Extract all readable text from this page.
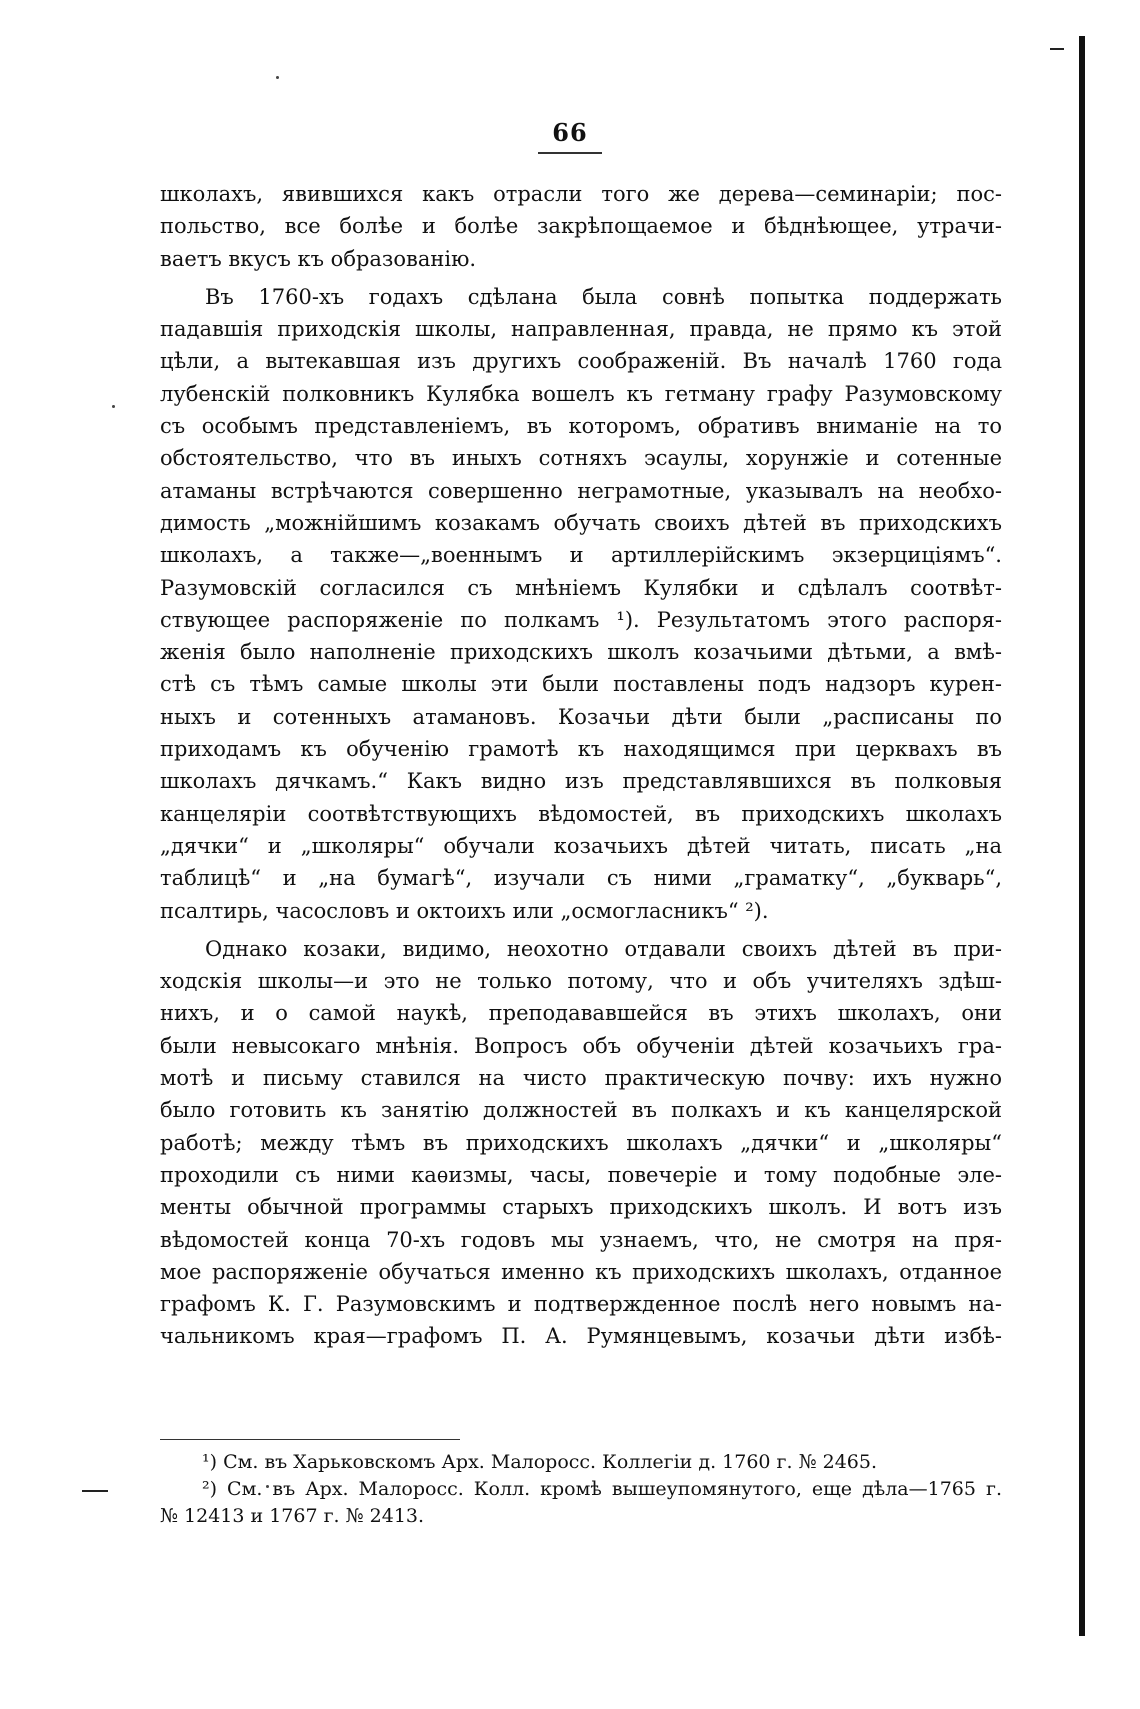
66
школахъ, явившихся какъ отрасли того же дерева—семинаріи; пос-
польство, все болѣе и болѣе закрѣпощаемое и бѣднѣющее, утрачи-
ваетъ вкусъ къ образованію.
Въ 1760-хъ годахъ сдѣлана была совнѣ попытка поддержать
падавшія приходскія школы, направленная, правда, не прямо къ этой
цѣли, а вытекавшая изъ другихъ соображеній. Въ началѣ 1760 года
лубенскій полковникъ Кулябка вошелъ къ гетману графу Разумовскому
съ особымъ представленіемъ, въ которомъ, обративъ вниманіе на то
обстоятельство, что въ иныхъ сотняхъ эсаулы, хорунжіе и сотенные
атаманы встрѣчаются совершенно неграмотные, указывалъ на необхо-
димость „можнійшимъ козакамъ обучать своихъ дѣтей въ приходскихъ
школахъ, а также—„военнымъ и артиллерійскимъ экзерциціямъ“.
Разумовскій согласился съ мнѣніемъ Кулябки и сдѣлалъ соотвѣт-
ствующее распоряженіе по полкамъ ¹). Результатомъ этого распоря-
женія было наполненіе приходскихъ школъ козачьими дѣтьми, а вмѣ-
стѣ съ тѣмъ самые школы эти были поставлены подъ надзоръ курен-
ныхъ и сотенныхъ атамановъ. Козачьи дѣти были „расписаны по
приходамъ къ обученію грамотѣ къ находящимся при церквахъ въ
школахъ дячкамъ.“ Какъ видно изъ представлявшихся въ полковыя
канцеляріи соотвѣтствующихъ вѣдомостей, въ приходскихъ школахъ
„дячки“ и „школяры“ обучали козачьихъ дѣтей читать, писать „на
таблицѣ“ и „на бумагѣ“, изучали съ ними „граматку“, „букварь“,
псалтирь, часословъ и октоихъ или „осмогласникъ“ ²).
Однако козаки, видимо, неохотно отдавали своихъ дѣтей въ при-
ходскія школы—и это не только потому, что и объ учителяхъ здѣш-
нихъ, и о самой наукѣ, преподававшейся въ этихъ школахъ, они
были невысокаго мнѣнія. Вопросъ объ обученіи дѣтей козачьихъ гра-
мотѣ и письму ставился на чисто практическую почву: ихъ нужно
было готовить къ занятію должностей въ полкахъ и къ канцелярской
работѣ; между тѣмъ въ приходскихъ школахъ „дячки“ и „школяры“
проходили съ ними каѳизмы, часы, повечеріе и тому подобные эле-
менты обычной программы старыхъ приходскихъ школъ. И вотъ изъ
вѣдомостей конца 70-хъ годовъ мы узнаемъ, что, не смотря на пря-
мое распоряженіе обучаться именно къ приходскихъ школахъ, отданное
графомъ К. Г. Разумовскимъ и подтвержденное послѣ него новымъ на-
чальникомъ края—графомъ П. А. Румянцевымъ, козачьи дѣти избѣ-
¹) См. въ Харьковскомъ Арх. Малоросс. Коллегіи д. 1760 г. № 2465.
²) См. въ Арх. Малоросс. Колл. кромѣ вышеупомянутого, еще дѣла—1765 г.
№ 12413 и 1767 г. № 2413.
